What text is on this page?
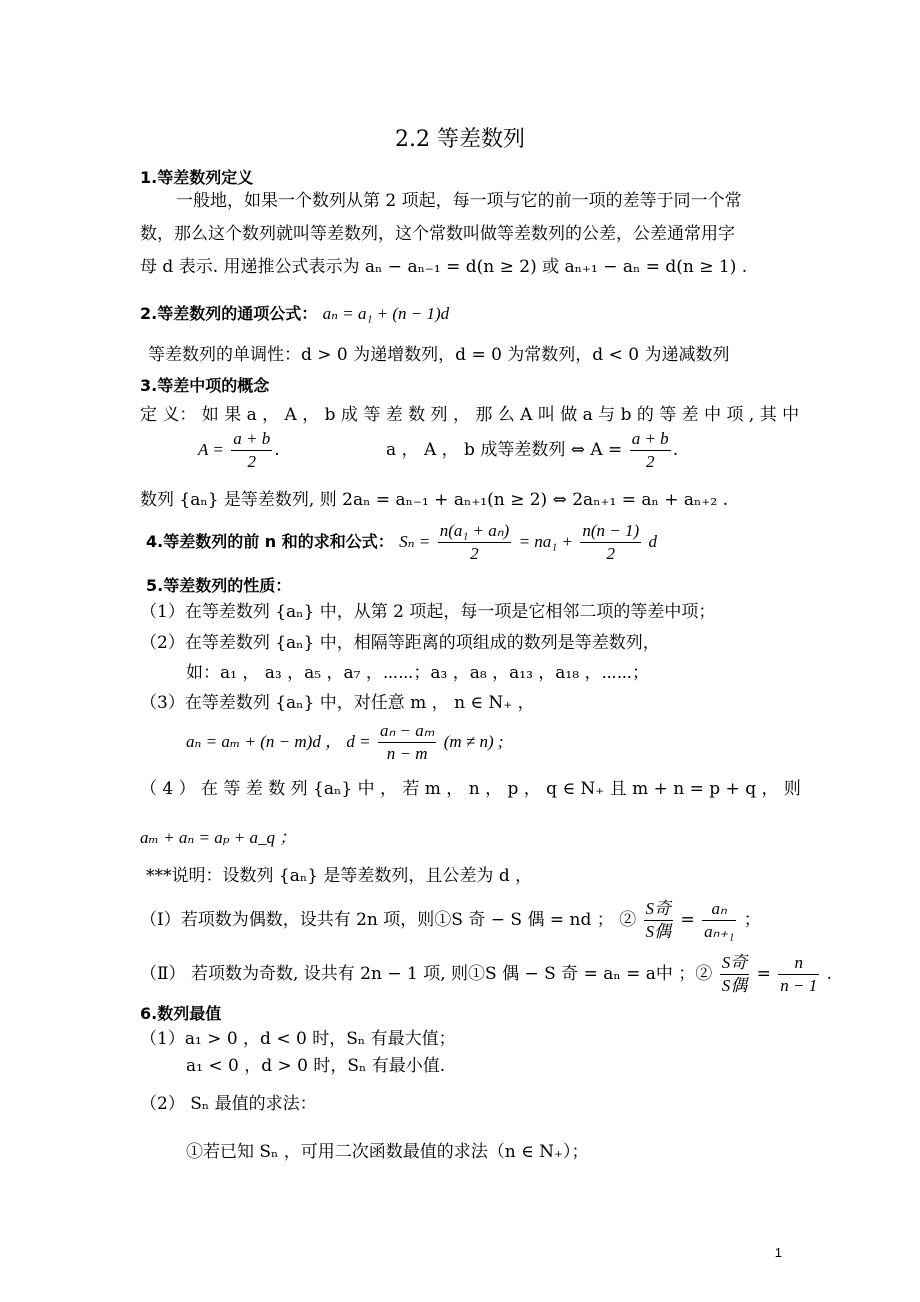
2.2 等差数列
1.等差数列定义
一般地，如果一个数列从第 2 项起，每一项与它的前一项的差等于同一个常
数，那么这个数列就叫等差数列，这个常数叫做等差数列的公差，公差通常用字
母 d 表示. 用递推公式表示为 aₙ − aₙ₋₁ = d(n ≥ 2) 或 aₙ₊₁ − aₙ = d(n ≥ 1) .
2.等差数列的通项公式： aₙ = a₁ + (n − 1)d
等差数列的单调性：d > 0 为递增数列，d = 0 为常数列，d < 0 为递减数列
3.等差中项的概念
定 义： 如 果 a ， A ， b 成 等 差 数 列 ， 那 么 A 叫 做 a 与 b 的 等 差 中 项 , 其 中
$A = \frac{a + b}{2}$ .	a ， A ， b 成等差数列 ⇔ $A = \frac{a + b}{2}$ .
数列 {aₙ} 是等差数列, 则 2aₙ = aₙ₋₁ + aₙ₊₁(n ≥ 2) ⇔ 2aₙ₊₁ = aₙ + aₙ₊₂ .
4.等差数列的前 n 和的求和公式： $S_n = \frac{\text{n(a₁ + aₙ)}}{2} = na_1 + \frac{n(n - 1)}{2}$ d
5.等差数列的性质：
（1）在等差数列 {aₙ} 中，从第 2 项起，每一项是它相邻二项的等差中项；
（2）在等差数列 {aₙ} 中，相隔等距离的项组成的数列是等差数列，
如：a₁ ， a₃ ，a₅ ，a₇ ，⋯⋯；a₃ ，a₈ ，a₁₃ ，a₁₈ ，⋯⋯；
（3）在等差数列 {aₙ} 中，对任意 m ， n ∈ N₊ ，
aₙ = aₘ + (n − m)d ， $d = \frac{\text{aₙ − aₘ}}{n - m} (m \ne n)$ ;
（ 4 ） 在 等 差 数 列 {aₙ} 中 ， 若 m ， n ， p ， q ∈ N₊ 且 m + n = p + q ， 则
aₘ + aₙ = aₚ + a_q ；
***说明：设数列 {aₙ} 是等差数列，且公差为 d ，
（Ⅰ）若项数为偶数，设共有 2n 项，则①S 奇 − S 偶 = nd ； ② $\frac{\text{S奇}}{\text{S偶}} = \frac{\text{aₙ}}{\text{aₙ₊₁}}$ ；
（Ⅱ） 若项数为奇数, 设共有 2n − 1 项, 则①S 偶 − S 奇 = aₙ = a中 ；② $\frac{\text{S奇}}{\text{S偶}} = \frac{n}{n - 1}$ .
6.数列最值
（1）a₁ > 0 ，d < 0 时，Sₙ 有最大值；
a₁ < 0 ，d > 0 时，Sₙ 有最小值.
（2） Sₙ 最值的求法：
①若已知 Sₙ ，可用二次函数最值的求法（n ∈ N₊）；
1
